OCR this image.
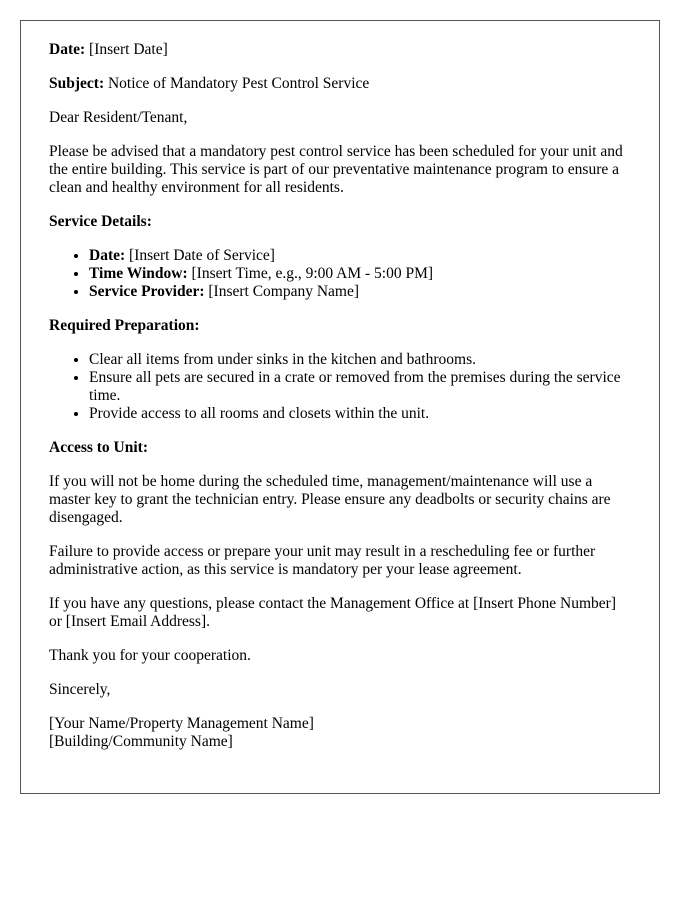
Date: [Insert Date]

Subject: Notice of Mandatory Pest Control Service

Dear Resident/Tenant,

Please be advised that a mandatory pest control service has been scheduled for your unit and the entire building. This service is part of our preventative maintenance program to ensure a clean and healthy environment for all residents.

Service Details:

• Date: [Insert Date of Service]
• Time Window: [Insert Time, e.g., 9:00 AM - 5:00 PM]
• Service Provider: [Insert Company Name]

Required Preparation:

• Clear all items from under sinks in the kitchen and bathrooms.
• Ensure all pets are secured in a crate or removed from the premises during the service time.
• Provide access to all rooms and closets within the unit.

Access to Unit:

If you will not be home during the scheduled time, management/maintenance will use a master key to grant the technician entry. Please ensure any deadbolts or security chains are disengaged.

Failure to provide access or prepare your unit may result in a rescheduling fee or further administrative action, as this service is mandatory per your lease agreement.

If you have any questions, please contact the Management Office at [Insert Phone Number] or [Insert Email Address].

Thank you for your cooperation.

Sincerely,

[Your Name/Property Management Name]
[Building/Community Name]
